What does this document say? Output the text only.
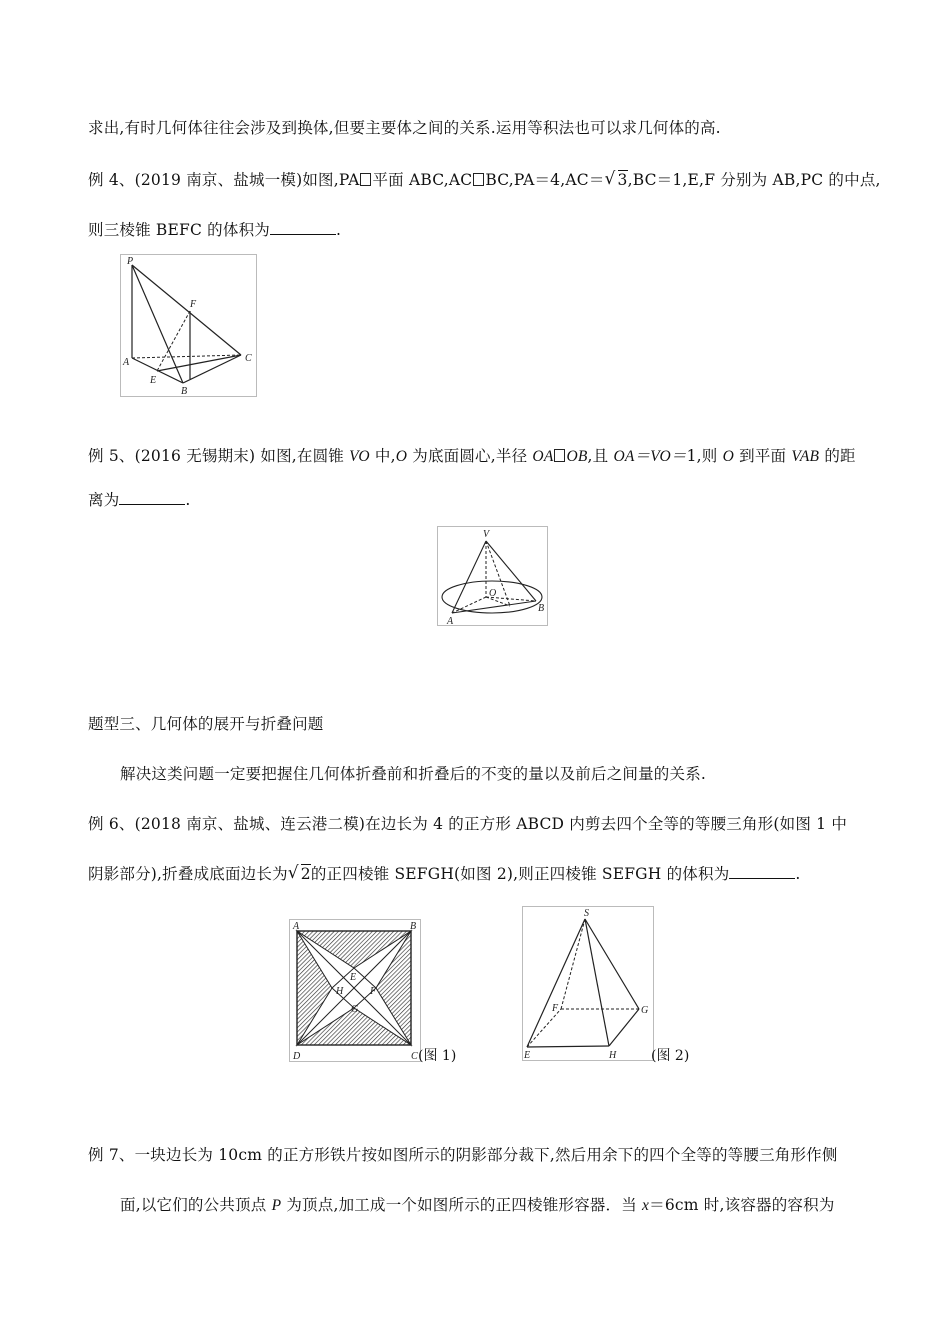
求出,有时几何体往往会涉及到换体,但要主要体之间的关系.运用等积法也可以求几何体的高.
例 4、(2019 南京、盐城一模)如图,PA 平面 ABC,AC BC,PA＝4,AC＝ √ 3,BC＝1,E,F 分别为 AB,PC 的中点,
则三棱锥 BEFC 的体积为	.
P
F
A
E
B
C
例 5、(2016 无锡期末) 如图,在圆锥 VO 中,O 为底面圆心,半径 OA OB,且 OA＝VO＝1,则 O 到平面 VAB 的距
离为	.
V
O
A
B
题型三、几何体的展开与折叠问题
解决这类问题一定要把握住几何体折叠前和折叠后的不变的量以及前后之间量的关系.
例 6、(2018 南京、盐城、连云港二模)在边长为 4 的正方形 ABCD 内剪去四个全等的等腰三角形(如图 1 中
阴影部分),折叠成底面边长为 √ 2的正四棱锥 SEFGH(如图 2),则正四棱锥 SEFGH 的体积为	.
A	B
C
D
E
F
G
H
(图 1)
S
F	G
E	H (图 2)
例 7、一块边长为 10cm 的正方形铁片按如图所示的阴影部分裁下,然后用余下的四个全等的等腰三角形作侧
面,以它们的公共顶点 P 为顶点,加工成一个如图所示的正四棱锥形容器．当 x＝6cm 时,该容器的容积为
